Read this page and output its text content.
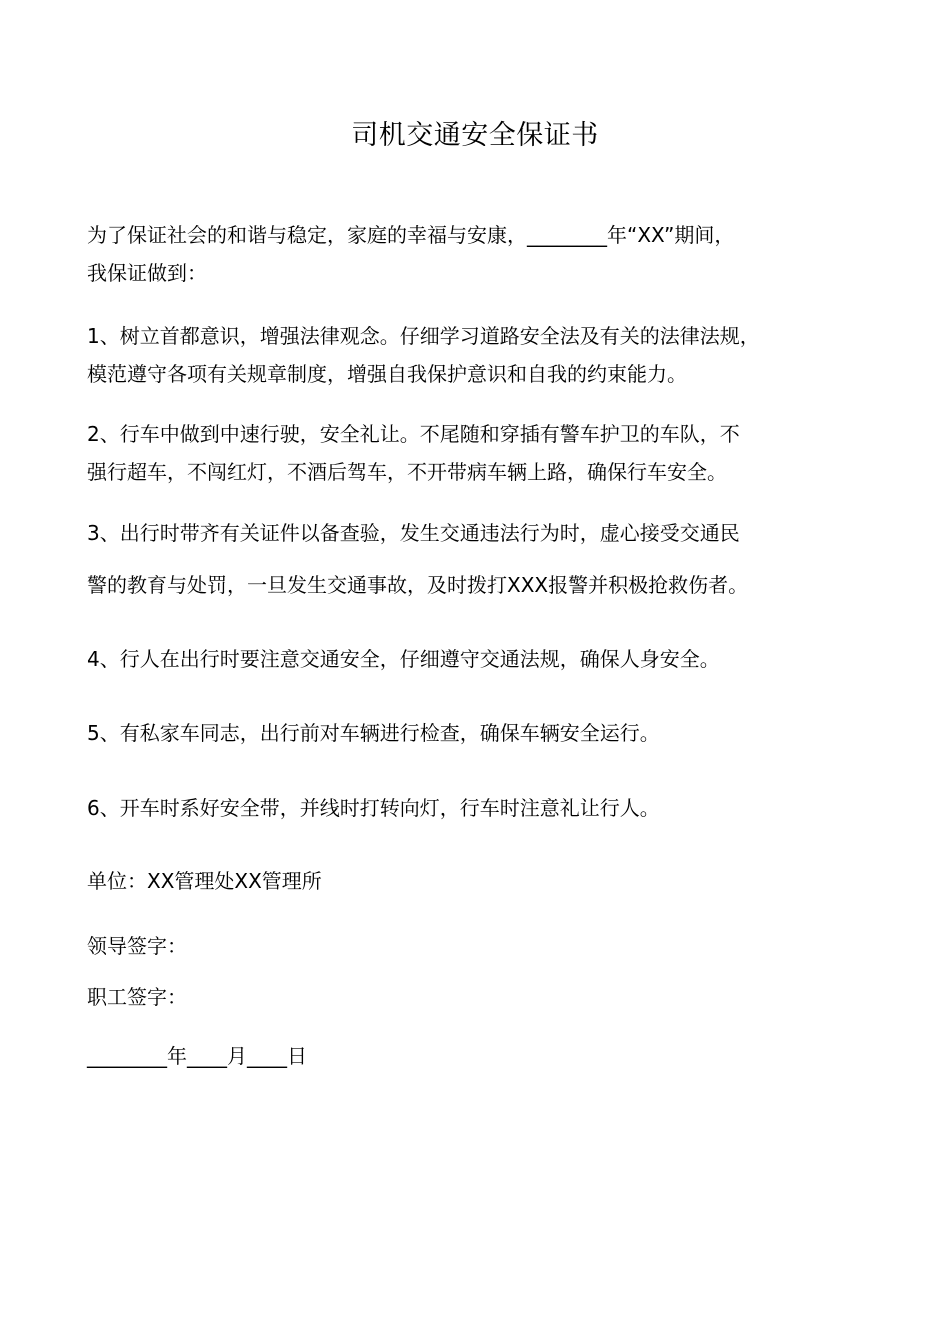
司机交通安全保证书

为了保证社会的和谐与稳定，家庭的幸福与安康，________年“XX”期间，
我保证做到：

1、树立首都意识，增强法律观念。仔细学习道路安全法及有关的法律法规，
模范遵守各项有关规章制度，增强自我保护意识和自我的约束能力。

2、行车中做到中速行驶，安全礼让。不尾随和穿插有警车护卫的车队，不
强行超车，不闯红灯，不酒后驾车，不开带病车辆上路，确保行车安全。

3、出行时带齐有关证件以备查验，发生交通违法行为时，虚心接受交通民
警的教育与处罚，一旦发生交通事故，及时拨打XXX报警并积极抢救伤者。

4、行人在出行时要注意交通安全，仔细遵守交通法规，确保人身安全。

5、有私家车同志，出行前对车辆进行检查，确保车辆安全运行。

6、开车时系好安全带，并线时打转向灯，行车时注意礼让行人。

单位：XX管理处XX管理所

领导签字：

职工签字：

________年____月____日
